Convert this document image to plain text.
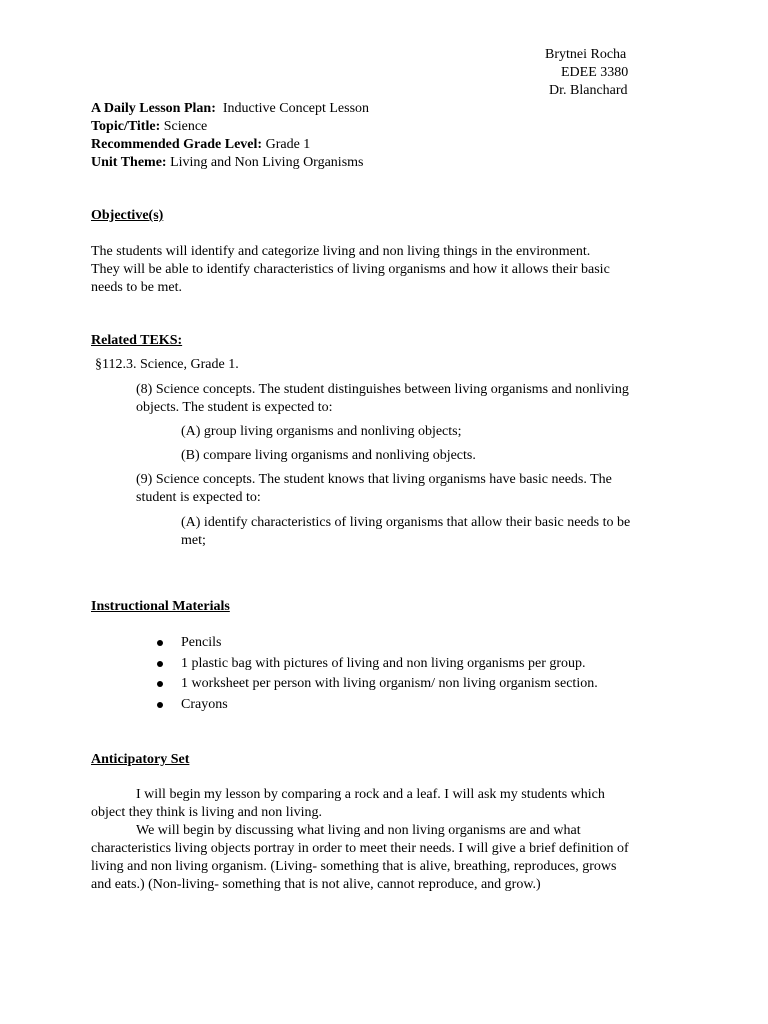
Brytnei Rocha
EDEE 3380
Dr. Blanchard
A Daily Lesson Plan: Inductive Concept Lesson
Topic/Title: Science
Recommended Grade Level: Grade 1
Unit Theme: Living and Non Living Organisms
Objective(s)
The students will identify and categorize living and non living things in the environment.
They will be able to identify characteristics of living organisms and how it allows their basic
needs to be met.
Related TEKS:
§112.3. Science, Grade 1.
(8) Science concepts. The student distinguishes between living organisms and nonliving
objects. The student is expected to:
(A) group living organisms and nonliving objects;
(B) compare living organisms and nonliving objects.
(9) Science concepts. The student knows that living organisms have basic needs. The
student is expected to:
(A) identify characteristics of living organisms that allow their basic needs to be
met;
Instructional Materials
Pencils
1 plastic bag with pictures of living and non living organisms per group.
1 worksheet per person with living organism/ non living organism section.
Crayons
Anticipatory Set
I will begin my lesson by comparing a rock and a leaf. I will ask my students which
object they think is living and non living.
We will begin by discussing what living and non living organisms are and what
characteristics living objects portray in order to meet their needs. I will give a brief definition of
living and non living organism. (Living- something that is alive, breathing, reproduces, grows
and eats.) (Non-living- something that is not alive, cannot reproduce, and grow.)
